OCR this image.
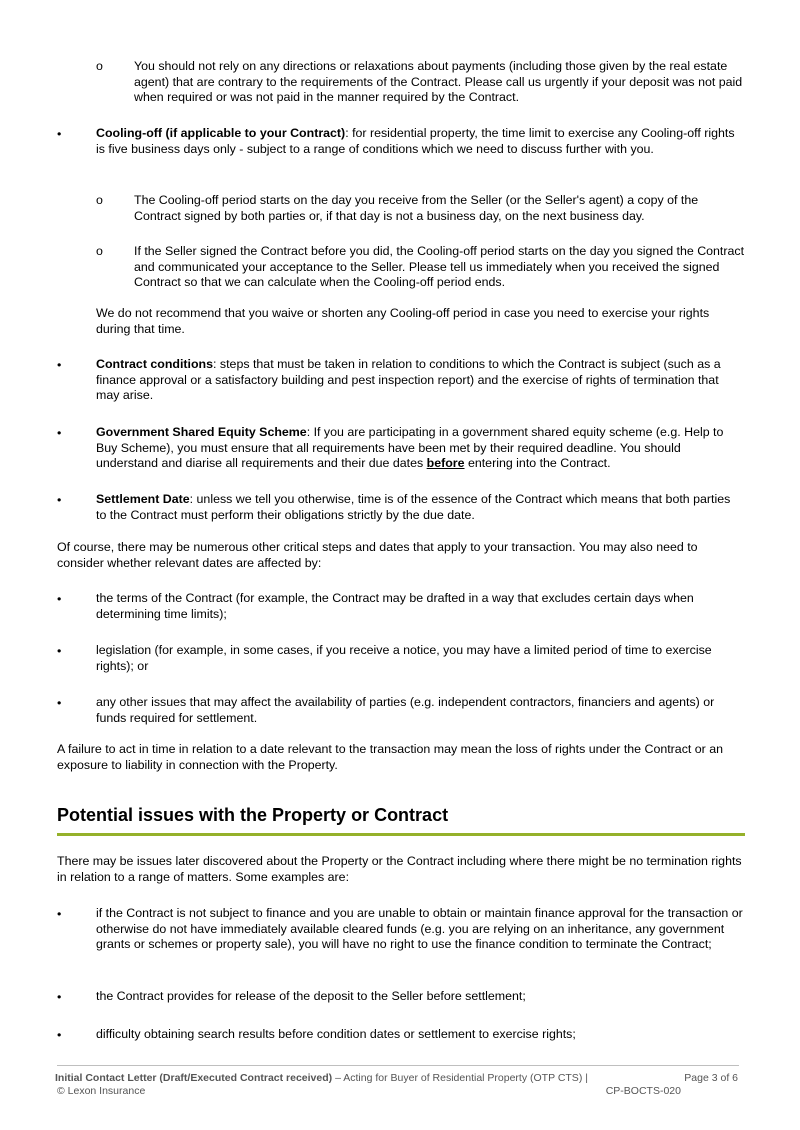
o	You should not rely on any directions or relaxations about payments (including those given by the real estate agent) that are contrary to the requirements of the Contract. Please call us urgently if your deposit was not paid when required or was not paid in the manner required by the Contract.
•	Cooling-off (if applicable to your Contract): for residential property, the time limit to exercise any Cooling-off rights is five business days only - subject to a range of conditions which we need to discuss further with you.
o	The Cooling-off period starts on the day you receive from the Seller (or the Seller's agent) a copy of the Contract signed by both parties or, if that day is not a business day, on the next business day.
o	If the Seller signed the Contract before you did, the Cooling-off period starts on the day you signed the Contract and communicated your acceptance to the Seller. Please tell us immediately when you received the signed Contract so that we can calculate when the Cooling-off period ends.
We do not recommend that you waive or shorten any Cooling-off period in case you need to exercise your rights during that time.
•	Contract conditions: steps that must be taken in relation to conditions to which the Contract is subject (such as a finance approval or a satisfactory building and pest inspection report) and the exercise of rights of termination that may arise.
•	Government Shared Equity Scheme: If you are participating in a government shared equity scheme (e.g. Help to Buy Scheme), you must ensure that all requirements have been met by their required deadline. You should understand and diarise all requirements and their due dates before entering into the Contract.
•	Settlement Date: unless we tell you otherwise, time is of the essence of the Contract which means that both parties to the Contract must perform their obligations strictly by the due date.
Of course, there may be numerous other critical steps and dates that apply to your transaction. You may also need to consider whether relevant dates are affected by:
•	the terms of the Contract (for example, the Contract may be drafted in a way that excludes certain days when determining time limits);
•	legislation (for example, in some cases, if you receive a notice, you may have a limited period of time to exercise rights); or
•	any other issues that may affect the availability of parties (e.g. independent contractors, financiers and agents) or funds required for settlement.
A failure to act in time in relation to a date relevant to the transaction may mean the loss of rights under the Contract or an exposure to liability in connection with the Property.
Potential issues with the Property or Contract
There may be issues later discovered about the Property or the Contract including where there might be no termination rights in relation to a range of matters. Some examples are:
•	if the Contract is not subject to finance and you are unable to obtain or maintain finance approval for the transaction or otherwise do not have immediately available cleared funds (e.g. you are relying on an inheritance, any government grants or schemes or property sale), you will have no right to use the finance condition to terminate the Contract;
•	the Contract provides for release of the deposit to the Seller before settlement;
•	difficulty obtaining search results before condition dates or settlement to exercise rights;
Initial Contact Letter (Draft/Executed Contract received) – Acting for Buyer of Residential Property (OTP CTS) |
© Lexon Insurance
Page 3 of 6
CP-BOCTS-020
